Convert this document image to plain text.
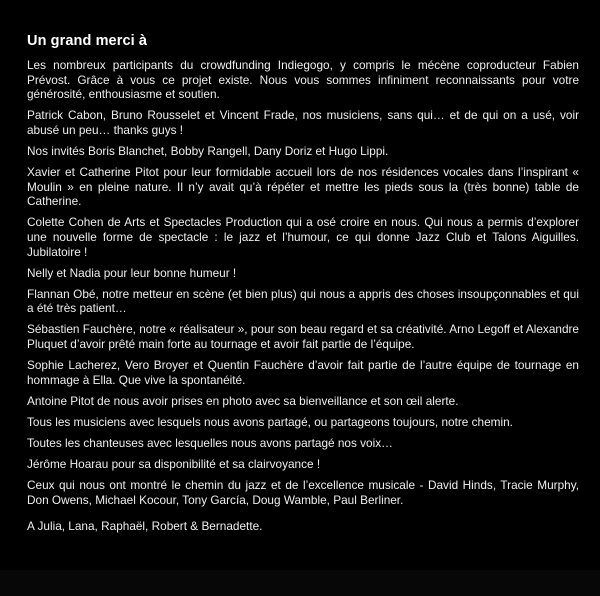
Un grand merci à

Les nombreux participants du crowdfunding Indiegogo, y compris le mécène coproducteur Fabien Prévost. Grâce à vous ce projet existe. Nous vous sommes infiniment reconnaissants pour votre générosité, enthousiasme et soutien.

Patrick Cabon, Bruno Rousselet et Vincent Frade, nos musiciens, sans qui… et de qui on a usé, voir abusé un peu… thanks guys !

Nos invités Boris Blanchet, Bobby Rangell, Dany Doriz et Hugo Lippi.

Xavier et Catherine Pitot pour leur formidable accueil lors de nos résidences vocales dans l’inspirant « Moulin » en pleine nature. Il n’y avait qu’à répéter et mettre les pieds sous la (très bonne) table de Catherine.

Colette Cohen de Arts et Spectacles Production qui a osé croire en nous. Qui nous a permis d’explorer une nouvelle forme de spectacle : le jazz et l’humour, ce qui donne Jazz Club et Talons Aiguilles. Jubilatoire !

Nelly et Nadia pour leur bonne humeur !

Flannan Obé, notre metteur en scène (et bien plus) qui nous a appris des choses insoupçonnables et qui a été très patient…

Sébastien Fauchère, notre « réalisateur », pour son beau regard et sa créativité. Arno Legoff et Alexandre Pluquet d’avoir prêté main forte au tournage et avoir fait partie de l’équipe.

Sophie Lacherez, Vero Broyer et Quentin Fauchère d’avoir fait partie de l’autre équipe de tournage en hommage à Ella. Que vive la spontanéité.

Antoine Pitot de nous avoir prises en photo avec sa bienveillance et son œil alerte.

Tous les musiciens avec lesquels nous avons partagé, ou partageons toujours, notre chemin.

Toutes les chanteuses avec lesquelles nous avons partagé nos voix…

Jérôme Hoarau pour sa disponibilité et sa clairvoyance !

Ceux qui nous ont montré le chemin du jazz et de l’excellence musicale - David Hinds, Tracie Murphy, Don Owens, Michael Kocour, Tony García, Doug Wamble, Paul Berliner.

A Julia, Lana, Raphaël, Robert & Bernadette.
